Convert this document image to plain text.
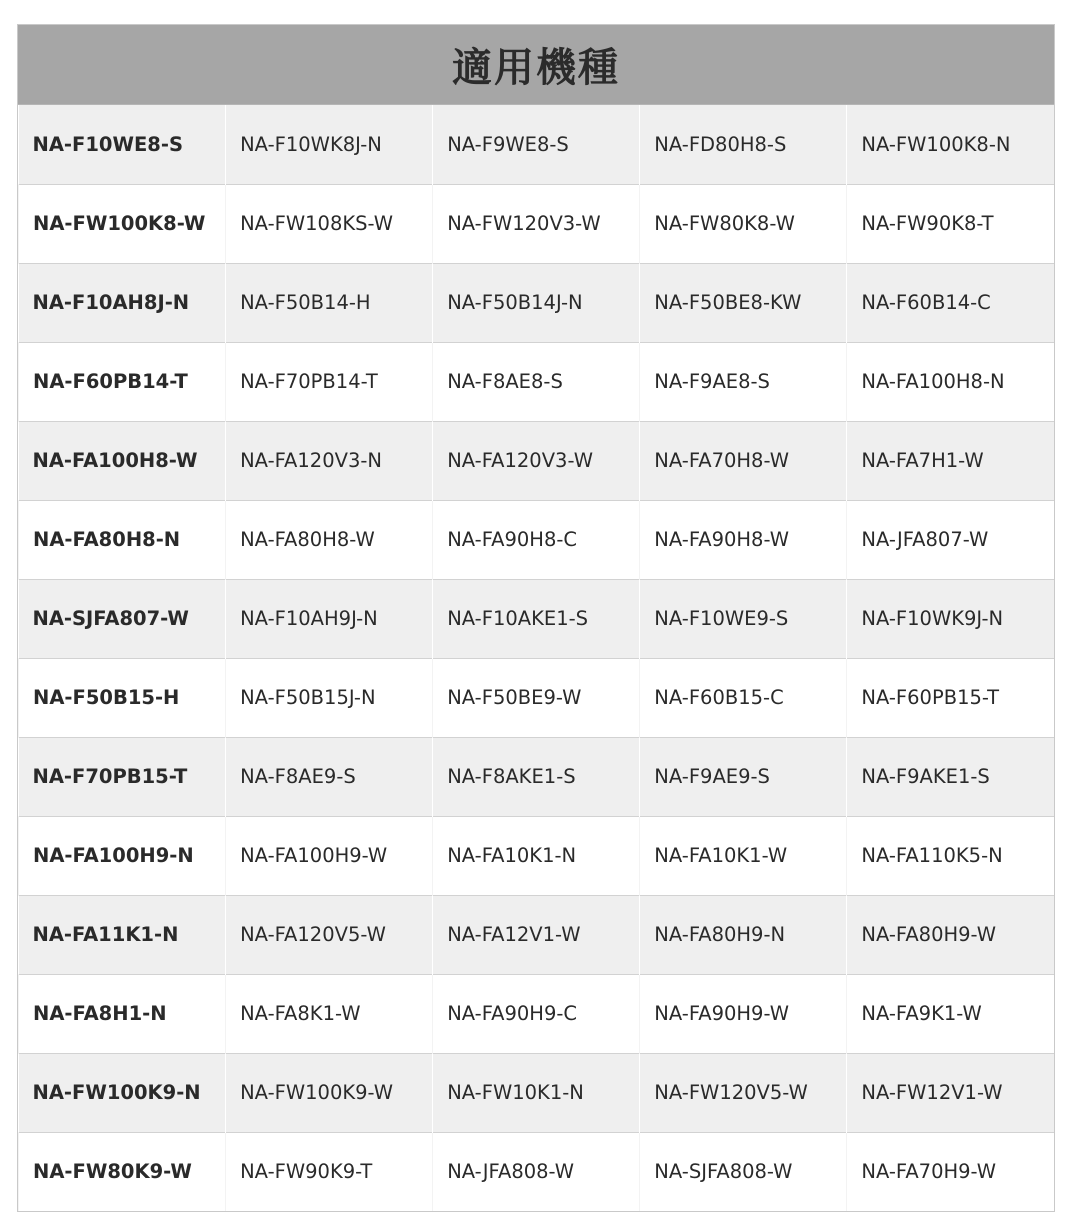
適用機種
NA-F10WE8-S	NA-F10WK8J-N	NA-F9WE8-S	NA-FD80H8-S	NA-FW100K8-N
NA-FW100K8-W	NA-FW108KS-W	NA-FW120V3-W	NA-FW80K8-W	NA-FW90K8-T
NA-F10AH8J-N	NA-F50B14-H	NA-F50B14J-N	NA-F50BE8-KW	NA-F60B14-C
NA-F60PB14-T	NA-F70PB14-T	NA-F8AE8-S	NA-F9AE8-S	NA-FA100H8-N
NA-FA100H8-W	NA-FA120V3-N	NA-FA120V3-W	NA-FA70H8-W	NA-FA7H1-W
NA-FA80H8-N	NA-FA80H8-W	NA-FA90H8-C	NA-FA90H8-W	NA-JFA807-W
NA-SJFA807-W	NA-F10AH9J-N	NA-F10AKE1-S	NA-F10WE9-S	NA-F10WK9J-N
NA-F50B15-H	NA-F50B15J-N	NA-F50BE9-W	NA-F60B15-C	NA-F60PB15-T
NA-F70PB15-T	NA-F8AE9-S	NA-F8AKE1-S	NA-F9AE9-S	NA-F9AKE1-S
NA-FA100H9-N	NA-FA100H9-W	NA-FA10K1-N	NA-FA10K1-W	NA-FA110K5-N
NA-FA11K1-N	NA-FA120V5-W	NA-FA12V1-W	NA-FA80H9-N	NA-FA80H9-W
NA-FA8H1-N	NA-FA8K1-W	NA-FA90H9-C	NA-FA90H9-W	NA-FA9K1-W
NA-FW100K9-N	NA-FW100K9-W	NA-FW10K1-N	NA-FW120V5-W	NA-FW12V1-W
NA-FW80K9-W	NA-FW90K9-T	NA-JFA808-W	NA-SJFA808-W	NA-FA70H9-W
